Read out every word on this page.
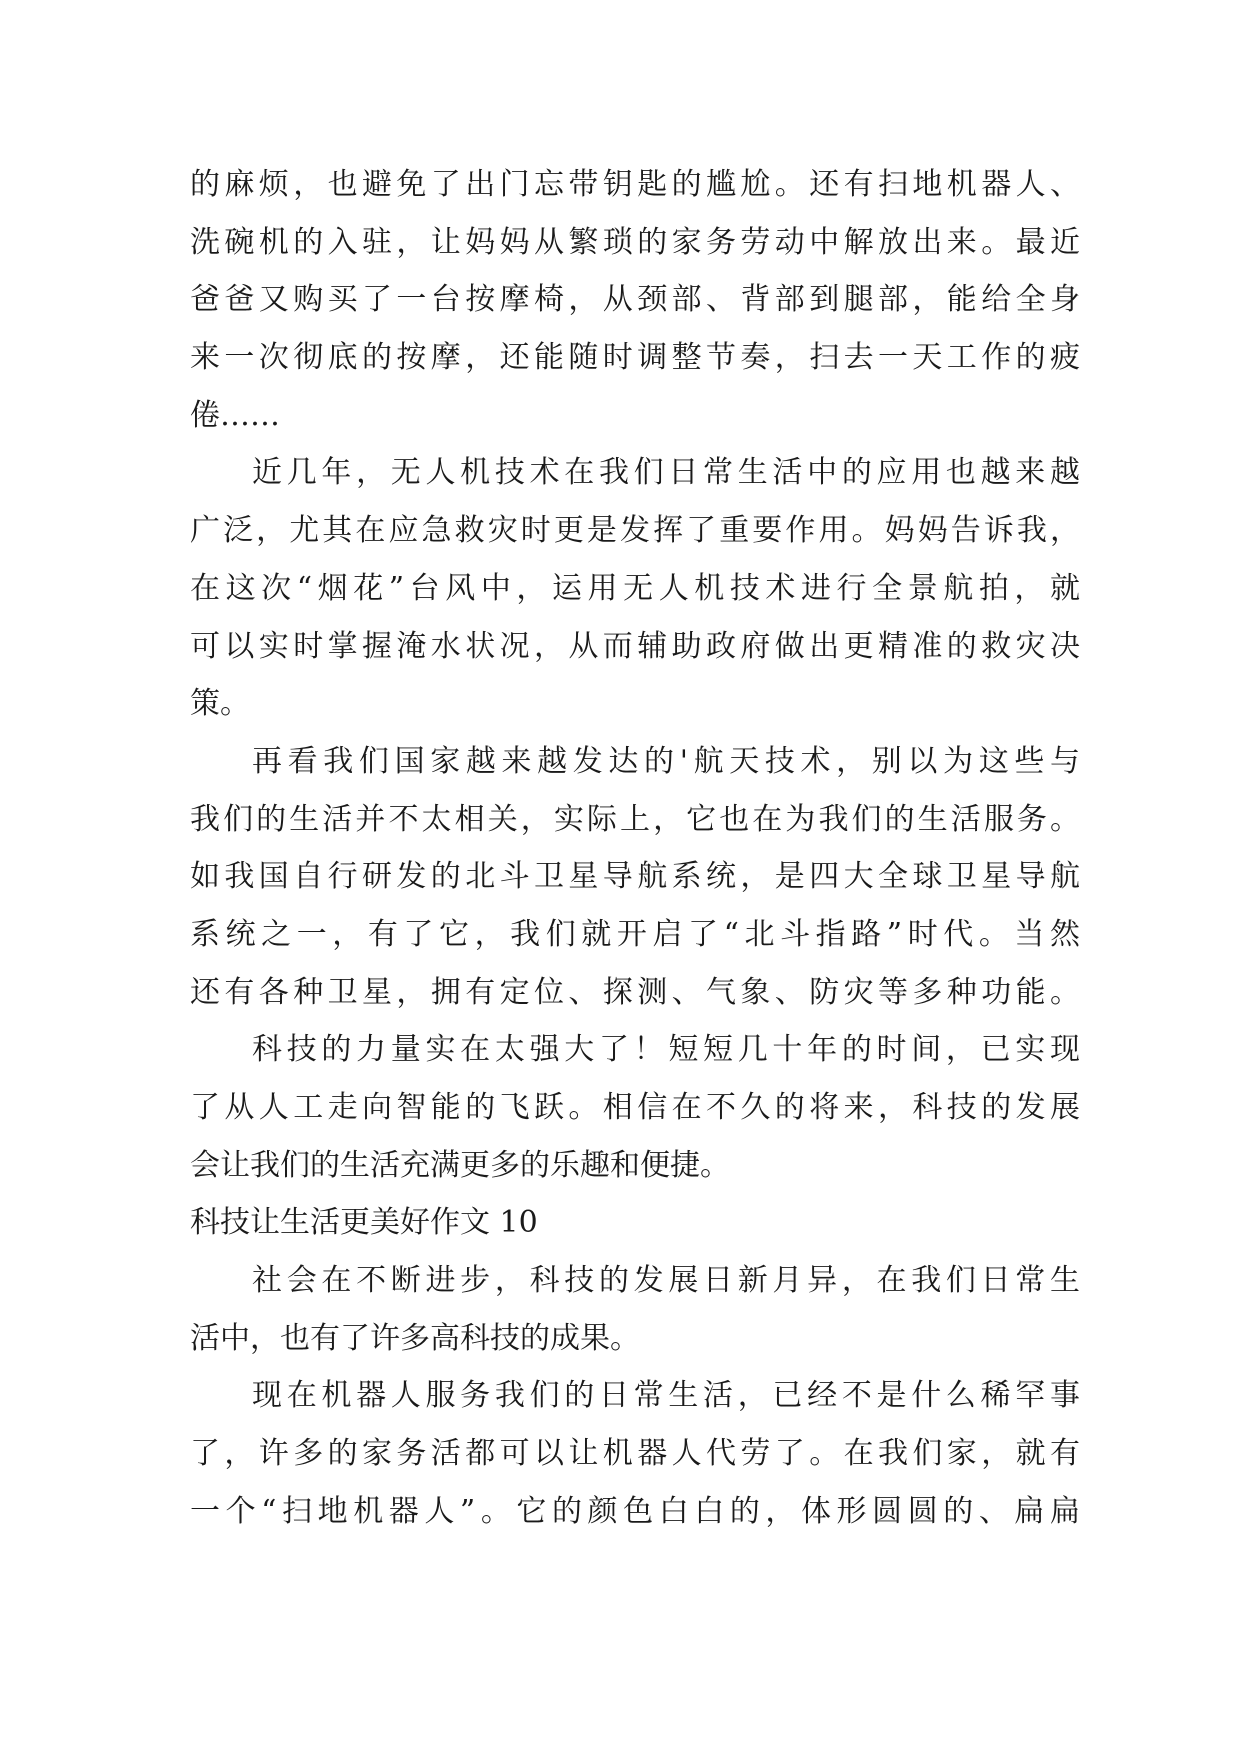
的麻烦，也避免了出门忘带钥匙的尴尬。还有扫地机器人、
洗碗机的入驻，让妈妈从繁琐的家务劳动中解放出来。最近
爸爸又购买了一台按摩椅，从颈部、背部到腿部，能给全身
来一次彻底的按摩，还能随时调整节奏，扫去一天工作的疲
倦……
近几年，无人机技术在我们日常生活中的应用也越来越
广泛，尤其在应急救灾时更是发挥了重要作用。妈妈告诉我，
在这次“烟花”台风中，运用无人机技术进行全景航拍，就
可以实时掌握淹水状况，从而辅助政府做出更精准的救灾决
策。
再看我们国家越来越发达的'航天技术，别以为这些与
我们的生活并不太相关，实际上，它也在为我们的生活服务。
如我国自行研发的北斗卫星导航系统，是四大全球卫星导航
系统之一，有了它，我们就开启了“北斗指路”时代。当然
还有各种卫星，拥有定位、探测、气象、防灾等多种功能。
科技的力量实在太强大了！短短几十年的时间，已实现
了从人工走向智能的飞跃。相信在不久的将来，科技的发展
会让我们的生活充满更多的乐趣和便捷。
科技让生活更美好作文 10
社会在不断进步，科技的发展日新月异，在我们日常生
活中，也有了许多高科技的成果。
现在机器人服务我们的日常生活，已经不是什么稀罕事
了，许多的家务活都可以让机器人代劳了。在我们家，就有
一个“扫地机器人”。它的颜色白白的，体形圆圆的、扁扁
